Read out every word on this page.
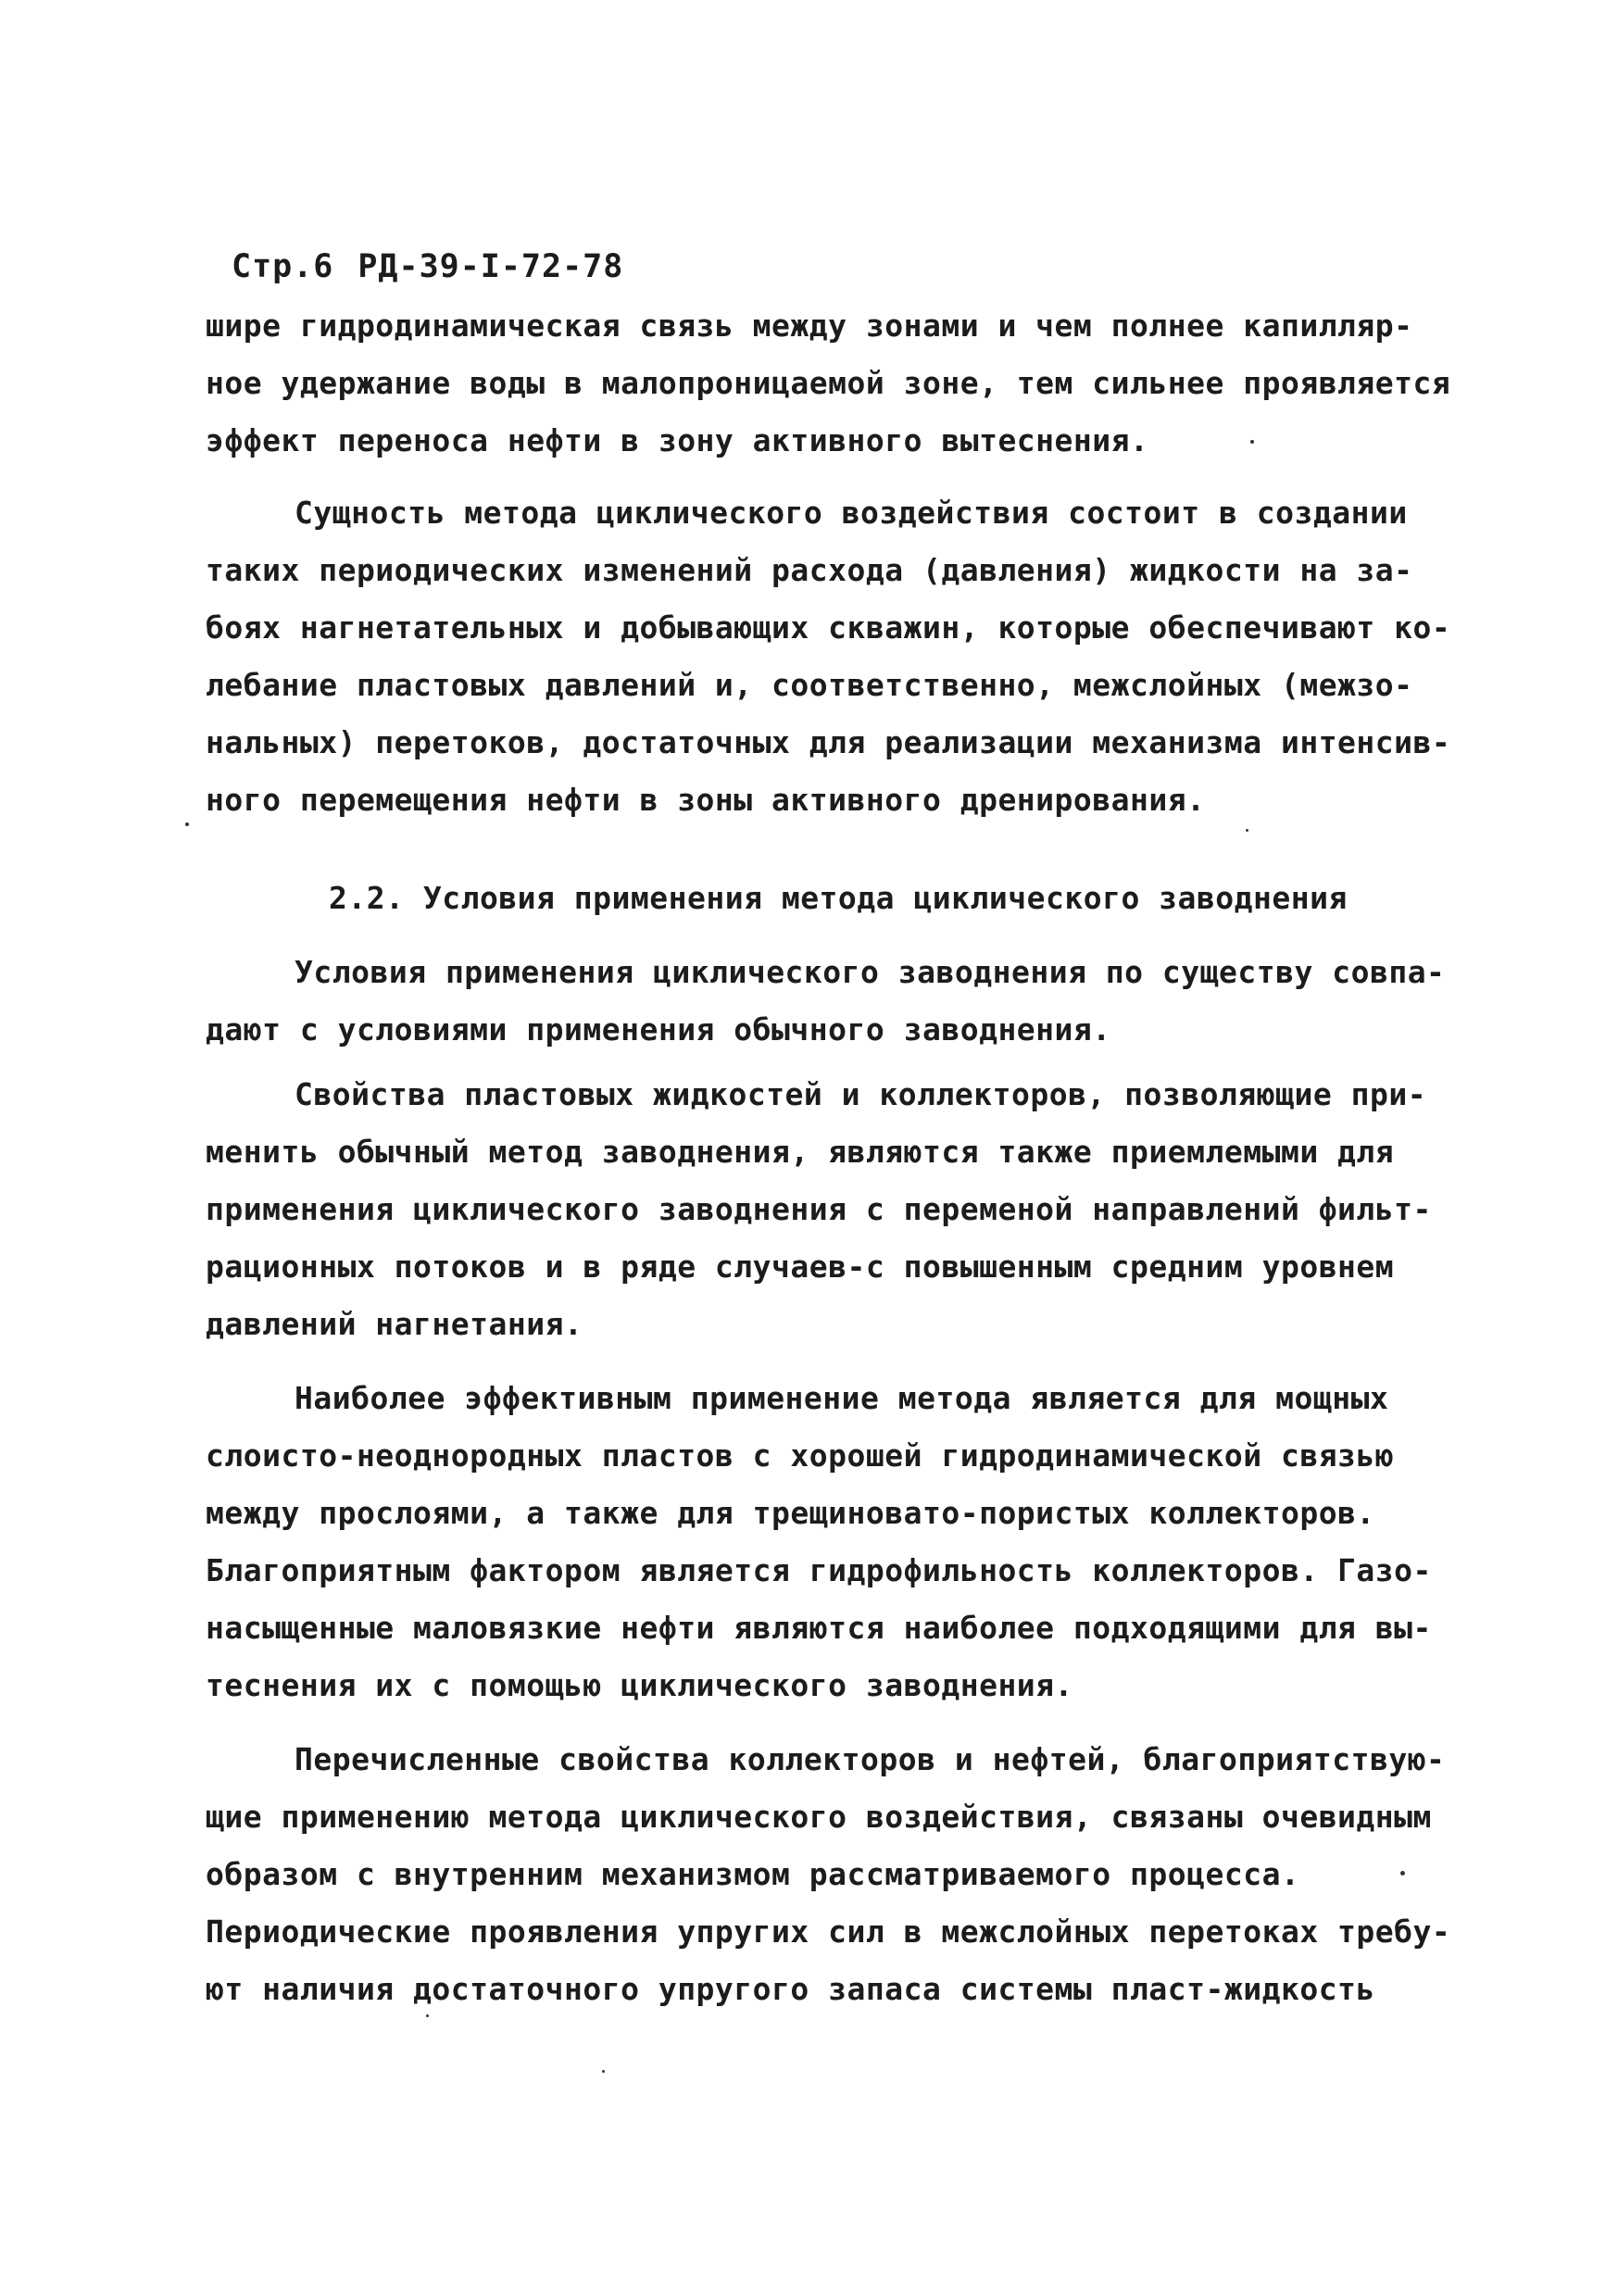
Стр.6 РД-39-I-72-78
шире гидродинамическая связь между зонами и чем полнее капилляр-
ное удержание воды в малопроницаемой зоне, тем сильнее проявляется
эффект переноса нефти в зону активного вытеснения.
Сущность метода циклического воздействия состоит в создании
таких периодических изменений расхода (давления) жидкости на за-
боях нагнетательных и добывающих скважин, которые обеспечивают ко-
лебание пластовых давлений и, соответственно, межслойных (межзо-
нальных) перетоков, достаточных для реализации механизма интенсив-
ного перемещения нефти в зоны активного дренирования.
2.2. Условия применения метода циклического заводнения
Условия применения циклического заводнения по существу совпа-
дают с условиями применения обычного заводнения.
Свойства пластовых жидкостей и коллекторов, позволяющие при-
менить обычный метод заводнения, являются также приемлемыми для
применения циклического заводнения с переменой направлений фильт-
рационных потоков и в ряде случаев-с повышенным средним уровнем
давлений нагнетания.
Наиболее эффективным применение метода является для мощных
слоисто-неоднородных пластов с хорошей гидродинамической связью
между прослоями, а также для трещиновато-пористых коллекторов.
Благоприятным фактором является гидрофильность коллекторов. Газо-
насыщенные маловязкие нефти являются наиболее подходящими для вы-
теснения их с помощью циклического заводнения.
Перечисленные свойства коллекторов и нефтей, благоприятствую-
щие применению метода циклического воздействия, связаны очевидным
образом с внутренним механизмом рассматриваемого процесса.
Периодические проявления упругих сил в межслойных перетоках требу-
ют наличия достаточного упругого запаса системы пласт-жидкость
